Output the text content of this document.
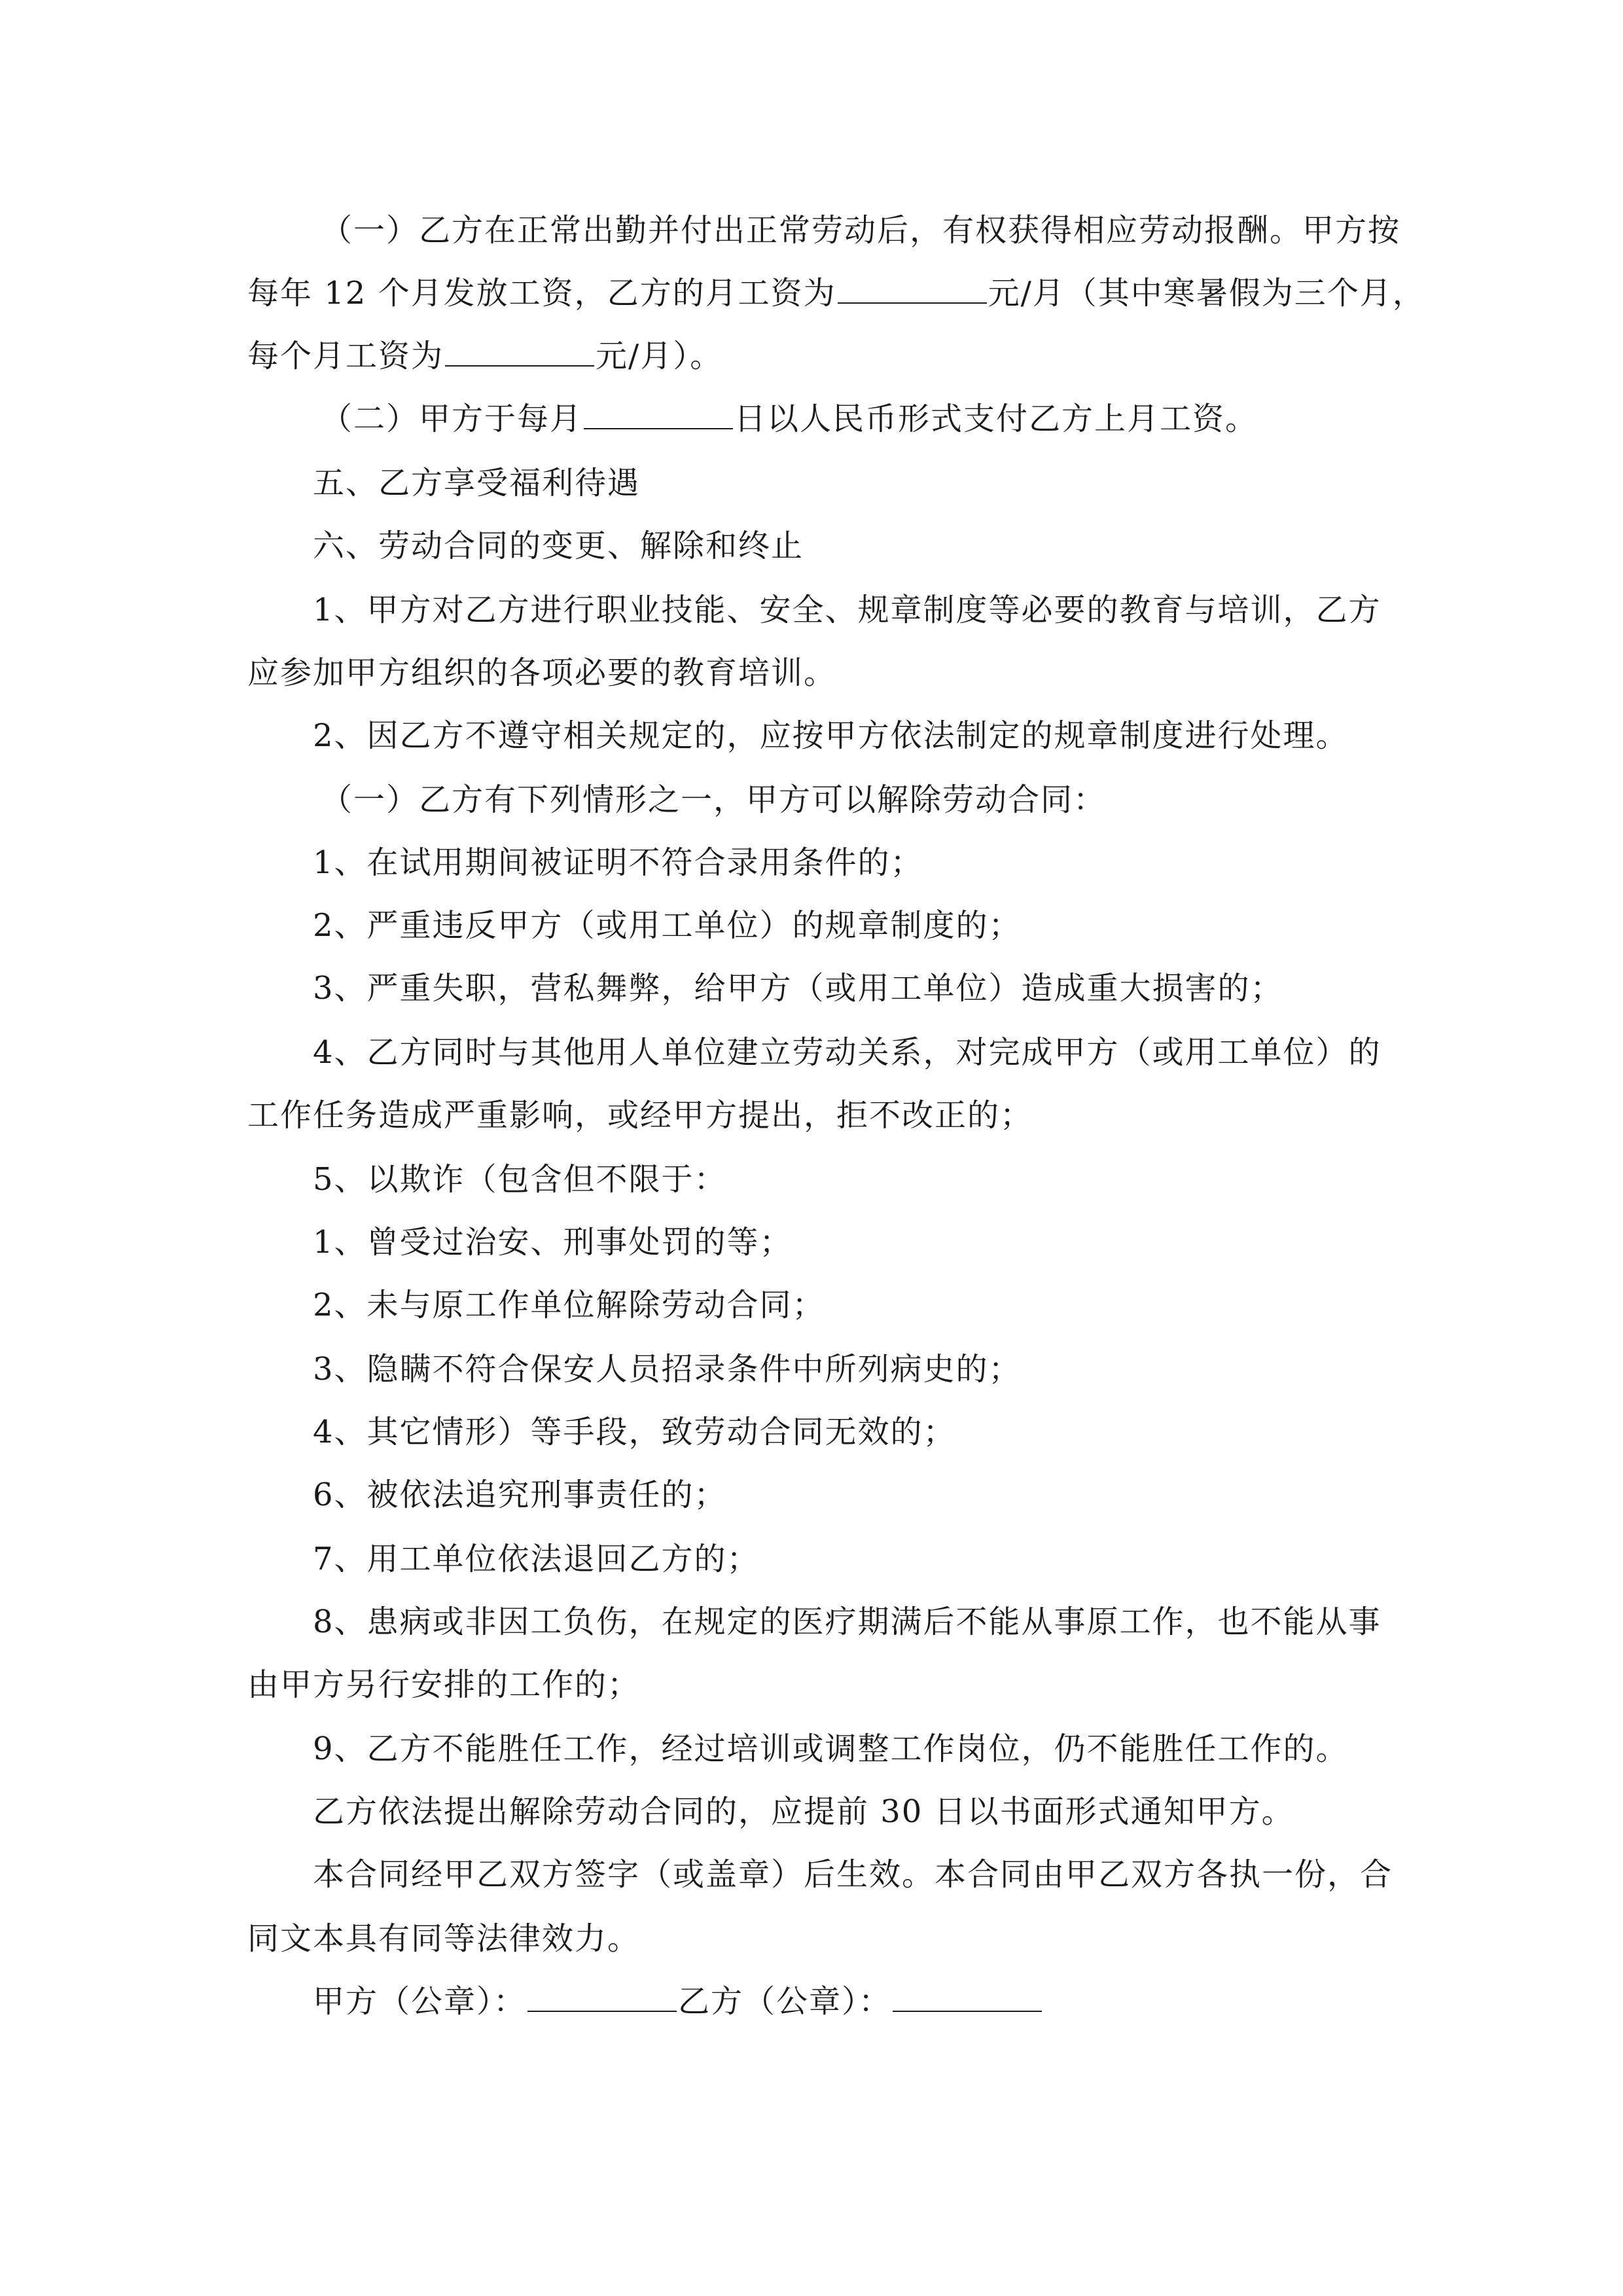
（一）乙方在正常出勤并付出正常劳动后，有权获得相应劳动报酬。甲方按
每年 12 个月发放工资，乙方的月工资为	元/月（其中寒暑假为三个月，
每个月工资为	元/月）。
（二）甲方于每月	日以人民币形式支付乙方上月工资。
五、乙方享受福利待遇
六、劳动合同的变更、解除和终止
1、甲方对乙方进行职业技能、安全、规章制度等必要的教育与培训，乙方
应参加甲方组织的各项必要的教育培训。
2、因乙方不遵守相关规定的，应按甲方依法制定的规章制度进行处理。
（一）乙方有下列情形之一，甲方可以解除劳动合同：
1、在试用期间被证明不符合录用条件的；
2、严重违反甲方（或用工单位）的规章制度的；
3、严重失职，营私舞弊，给甲方（或用工单位）造成重大损害的；
4、乙方同时与其他用人单位建立劳动关系，对完成甲方（或用工单位）的
工作任务造成严重影响，或经甲方提出，拒不改正的；
5、以欺诈（包含但不限于：
1、曾受过治安、刑事处罚的等；
2、未与原工作单位解除劳动合同；
3、隐瞒不符合保安人员招录条件中所列病史的；
4、其它情形）等手段，致劳动合同无效的；
6、被依法追究刑事责任的；
7、用工单位依法退回乙方的；
8、患病或非因工负伤，在规定的医疗期满后不能从事原工作，也不能从事
由甲方另行安排的工作的；
9、乙方不能胜任工作，经过培训或调整工作岗位，仍不能胜任工作的。
乙方依法提出解除劳动合同的，应提前 30 日以书面形式通知甲方。
本合同经甲乙双方签字（或盖章）后生效。本合同由甲乙双方各执一份，合
同文本具有同等法律效力。
甲方（公章）：	乙方（公章）：
